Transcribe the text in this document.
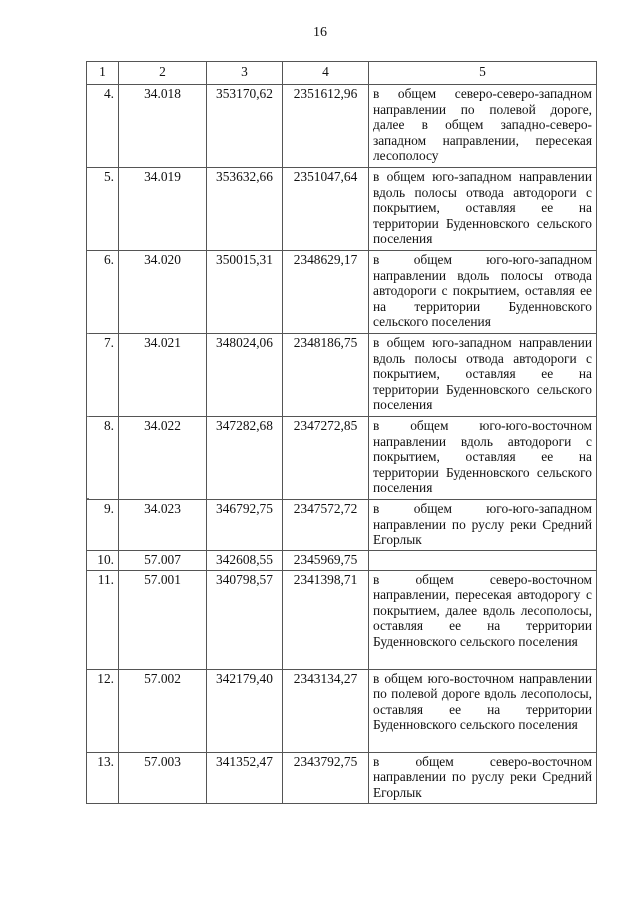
16
1	2	3	4	5
4.	34.018	353170,62	2351612,96	в общем северо-северо-западном направлении по полевой дороге, далее в общем западно-северо-западном направлении, пересекая лесополосу
5.	34.019	353632,66	2351047,64	в общем юго-западном направлении вдоль полосы отвода автодороги с покрытием, оставляя ее на территории Буденновского сельского поселения
6.	34.020	350015,31	2348629,17	в общем юго-юго-западном направлении вдоль полосы отвода автодороги с покрытием, оставляя ее на территории Буденновского сельского поселения
7.	34.021	348024,06	2348186,75	в общем юго-западном направлении вдоль полосы отвода автодороги с покрытием, оставляя ее на территории Буденновского сельского поселения
8.	34.022	347282,68	2347272,85	в общем юго-юго-восточном направлении вдоль автодороги с покрытием, оставляя ее на территории Буденновского сельского поселения
9.	34.023	346792,75	2347572,72	в общем юго-юго-западном направлении по руслу реки Средний Егорлык
10.	57.007	342608,55	2345969,75	
11.	57.001	340798,57	2341398,71	в общем северо-восточном направлении, пересекая автодорогу с покрытием, далее вдоль лесополосы, оставляя ее на территории Буденновского сельского поселения
12.	57.002	342179,40	2343134,27	в общем юго-восточном направлении по полевой дороге вдоль лесополосы, оставляя ее на территории Буденновского сельского поселения
13.	57.003	341352,47	2343792,75	в общем северо-восточном направлении по руслу реки Средний Егорлык
